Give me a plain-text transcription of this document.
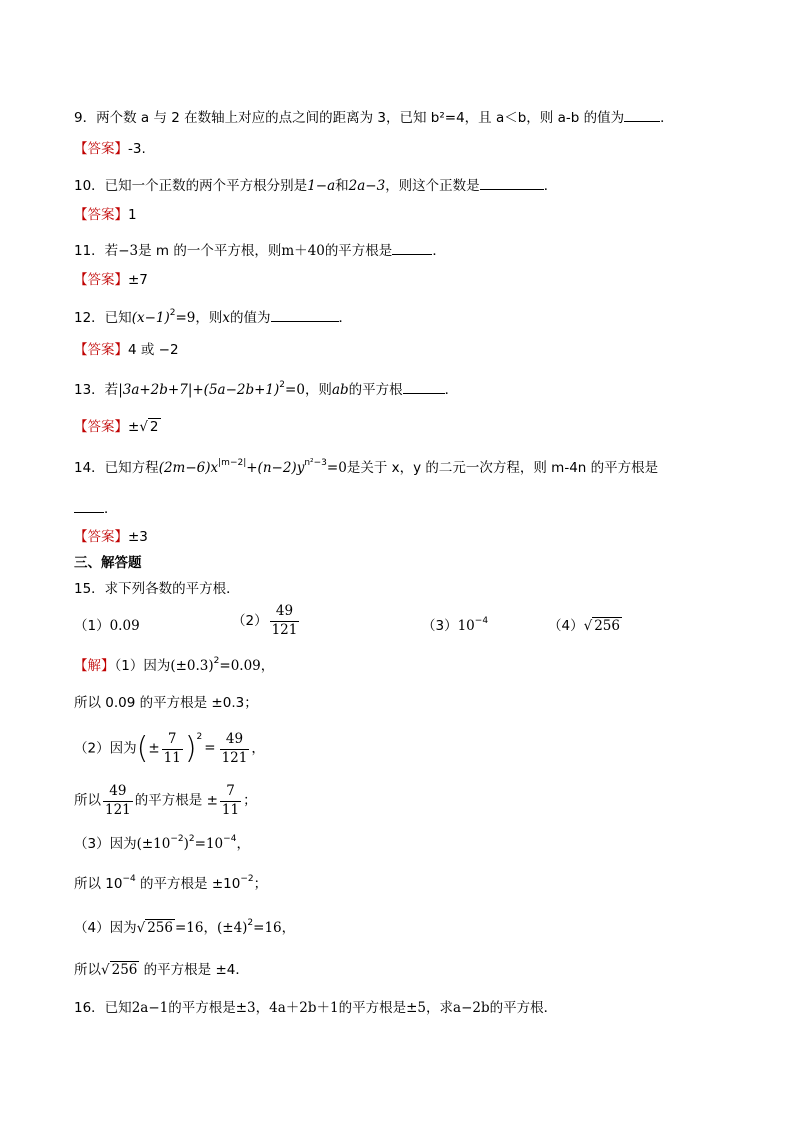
9．两个数 a 与 2 在数轴上对应的点之间的距离为 3，已知 b²=4，且 a＜b，则 a-b 的值为	．
【答案】-3.
10．已知一个正数的两个平方根分别是1−a和2a−3，则这个正数是	．
【答案】1
11．若−3是 m 的一个平方根，则m＋40的平方根是	．
【答案】±7
12．已知$(x-1)^2=9$，则x的值为	．
【答案】4 或 −2
13．若$|3a+2b+7|+(5a-2b+1)^2=0$，则ab的平方根	．
【答案】±√ 2
14．已知方程$(2m-6)x^{|m-2|}+(n-2)y^{n^2-3}=0$是关于 x，y 的二元一次方程，则 m-4n 的平方根是
．
【答案】±3
三、解答题
15．求下列各数的平方根．
（1）0.09	$(2) \frac{49}{121}$	$(3)10^{-4}$	（4）√ 256
【解】（1）因为$(\pm 0.3)^2=0.09$，
所以 0.09 的平方根是 ±0.3；
（2）因为(± $\frac{7}{11} )^2= \frac{49}{121}$ ，
所以 $\frac{49}{121}$ 的平方根是 ± $\frac{7}{11}$ ；
（3）因为$(\pm 10^{-2})^2=10^{-4}$，
所以 $10^{-4}$ 的平方根是 $\pm 10^{-2}$；
（4）因为√ 256 =16，$(\pm 4)^2=16$，
所以√ 256 的平方根是 ±4．
16．已知2a−1的平方根是±3，4a＋2b＋1的平方根是±5，求a−2b的平方根．
